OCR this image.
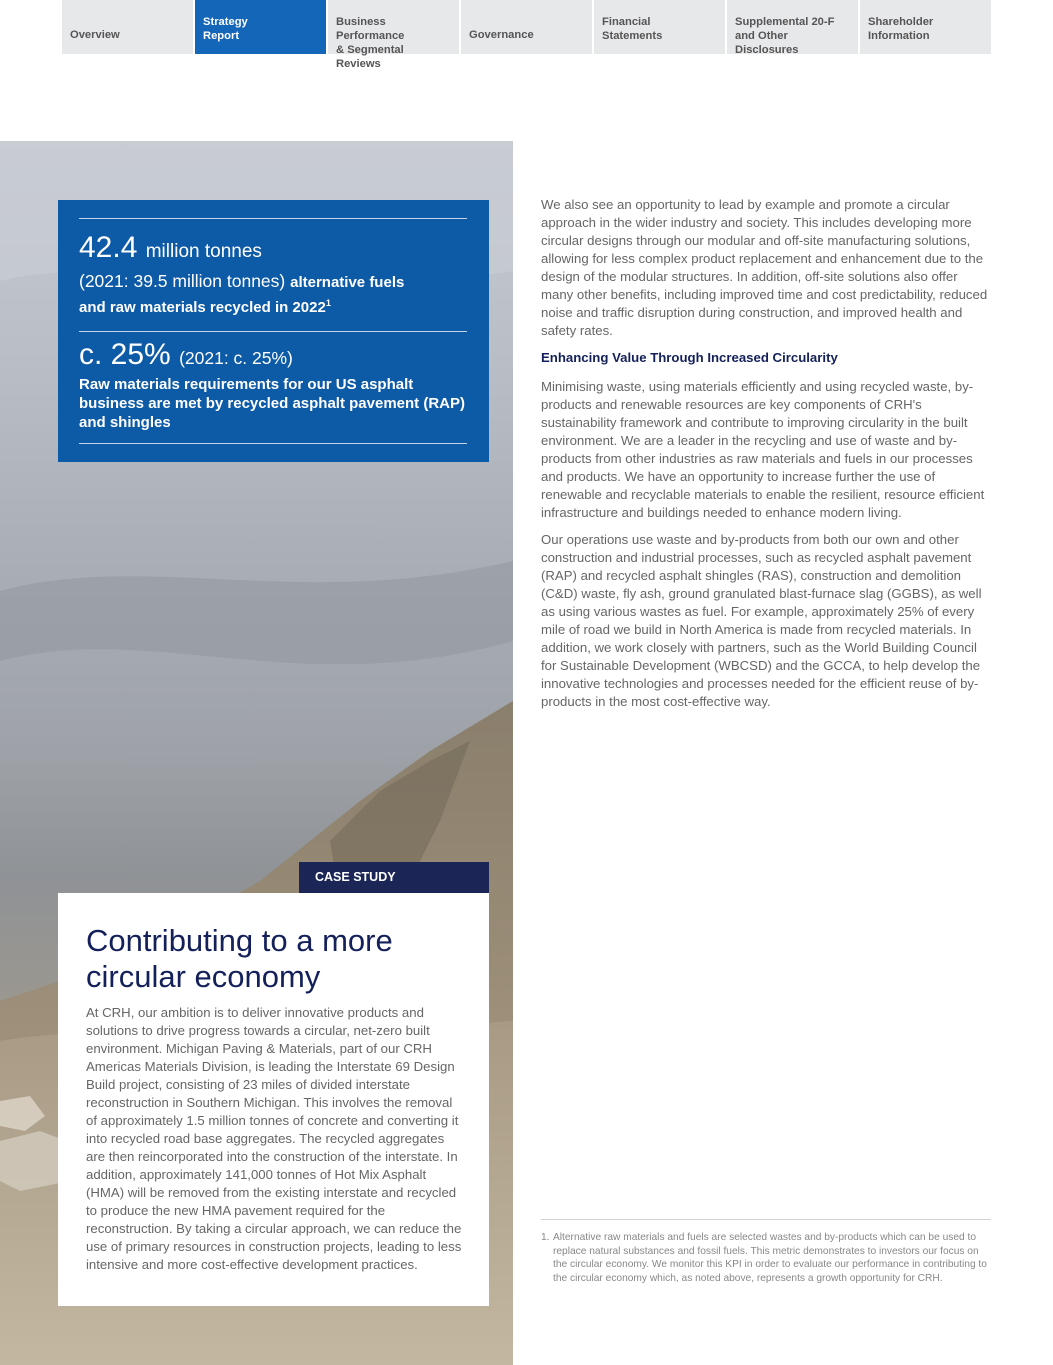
Overview
Strategy
Report
Business Performance
& Segmental Reviews
Governance
Financial
Statements
Supplemental 20-F
and Other Disclosures
Shareholder
Information
42.4 million tonnes
(2021: 39.5 million tonnes) alternative fuels
and raw materials recycled in 2022$^1$
c. 25% (2021: c. 25%)
Raw materials requirements for our US asphalt business are met by recycled asphalt pavement (RAP) and shingles

We also see an opportunity to lead by example and promote a circular approach in the wider industry and society. This includes developing more circular designs through our modular and off-site manufacturing solutions, allowing for less complex product replacement and enhancement due to the design of the modular structures. In addition, off-site solutions also offer many other benefits, including improved time and cost predictability, reduced noise and traffic disruption during construction, and improved health and safety rates.

Enhancing Value Through Increased Circularity

Minimising waste, using materials efficiently and using recycled waste, by-products and renewable resources are key components of CRH's sustainability framework and contribute to improving circularity in the built environment. We are a leader in the recycling and use of waste and by-products from other industries as raw materials and fuels in our processes and products. We have an opportunity to increase further the use of renewable and recyclable materials to enable the resilient, resource efficient infrastructure and buildings needed to enhance modern living.

Our operations use waste and by-products from both our own and other construction and industrial processes, such as recycled asphalt pavement (RAP) and recycled asphalt shingles (RAS), construction and demolition (C&D) waste, fly ash, ground granulated blast-furnace slag (GGBS), as well as using various wastes as fuel. For example, approximately 25% of every mile of road we build in North America is made from recycled materials. In addition, we work closely with partners, such as the World Building Council for Sustainable Development (WBCSD) and the GCCA, to help develop the innovative technologies and processes needed for the efficient reuse of by-products in the most cost-effective way.

CASE STUDY
Contributing to a more circular economy

At CRH, our ambition is to deliver innovative products and solutions to drive progress towards a circular, net-zero built environment. Michigan Paving & Materials, part of our CRH Americas Materials Division, is leading the Interstate 69 Design Build project, consisting of 23 miles of divided interstate reconstruction in Southern Michigan. This involves the removal of approximately 1.5 million tonnes of concrete and converting it into recycled road base aggregates. The recycled aggregates are then reincorporated into the construction of the interstate. In addition, approximately 141,000 tonnes of Hot Mix Asphalt (HMA) will be removed from the existing interstate and recycled to produce the new HMA pavement required for the reconstruction. By taking a circular approach, we can reduce the use of primary resources in construction projects, leading to less intensive and more cost-effective development practices.

1. Alternative raw materials and fuels are selected wastes and by-products which can be used to replace natural substances and fossil fuels. This metric demonstrates to investors our focus on the circular economy. We monitor this KPI in order to evaluate our performance in contributing to the circular economy which, as noted above, represents a growth opportunity for CRH.
